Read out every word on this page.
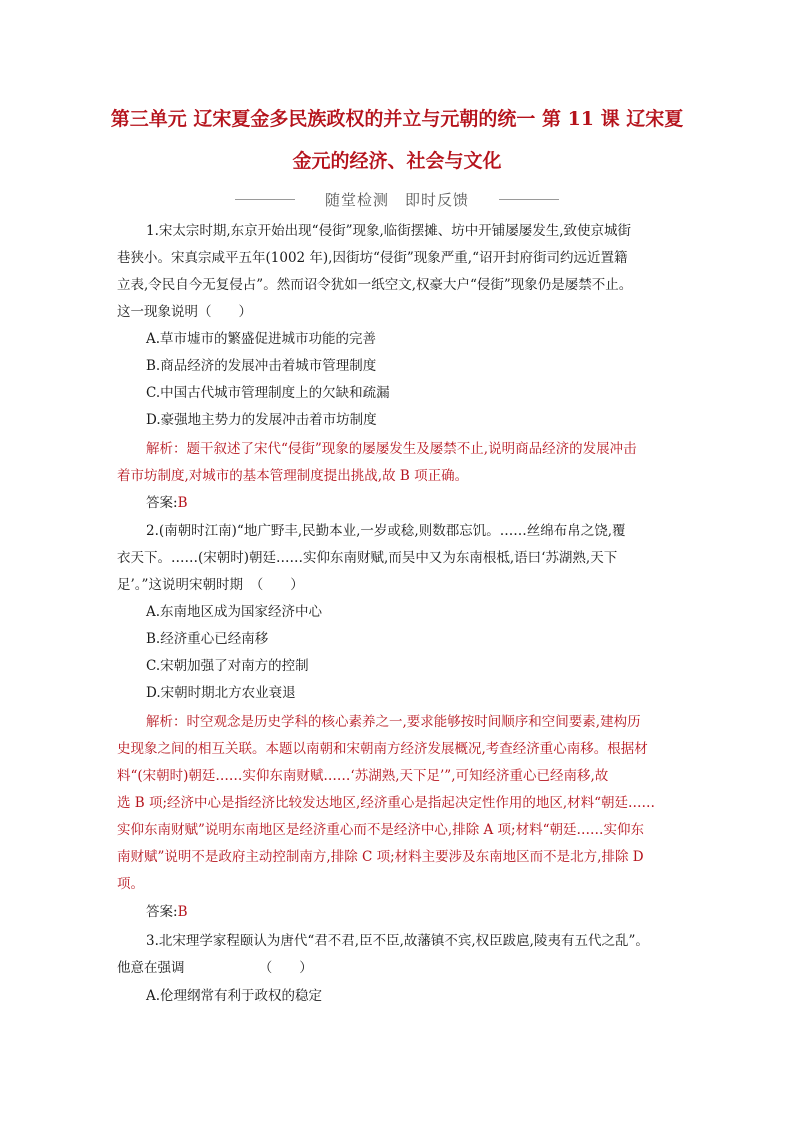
第三单元 辽宋夏金多民族政权的并立与元朝的统一 第 11 课 辽宋夏
金元的经济、社会与文化
随堂检测　即时反馈
1.宋太宗时期,东京开始出现“侵街”现象,临街摆摊、坊中开铺屡屡发生,致使京城街
巷狭小。宋真宗咸平五年(1002 年),因街坊“侵街”现象严重,“诏开封府街司约远近置籍
立表,令民自今无复侵占”。然而诏令犹如一纸空文,权豪大户“侵街”现象仍是屡禁不止。
这一现象说明（　　）
A.草市墟市的繁盛促进城市功能的完善
B.商品经济的发展冲击着城市管理制度
C.中国古代城市管理制度上的欠缺和疏漏
D.豪强地主势力的发展冲击着市坊制度
解析：题干叙述了宋代“侵街”现象的屡屡发生及屡禁不止,说明商品经济的发展冲击
着市坊制度,对城市的基本管理制度提出挑战,故 B 项正确。
答案:B
2.(南朝时江南)“地广野丰,民勤本业,一岁或稔,则数郡忘饥。……丝绵布帛之饶,覆
衣天下。……(宋朝时)朝廷……实仰东南财赋,而吴中又为东南根柢,语曰‘苏湖熟,天下
足’。”这说明宋朝时期　（　　）
A.东南地区成为国家经济中心
B.经济重心已经南移
C.宋朝加强了对南方的控制
D.宋朝时期北方农业衰退
解析：时空观念是历史学科的核心素养之一,要求能够按时间顺序和空间要素,建构历
史现象之间的相互关联。本题以南朝和宋朝南方经济发展概况,考查经济重心南移。根据材
料“(宋朝时)朝廷……实仰东南财赋……‘苏湖熟,天下足’”,可知经济重心已经南移,故
选 B 项;经济中心是指经济比较发达地区,经济重心是指起决定性作用的地区,材料“朝廷……
实仰东南财赋”说明东南地区是经济重心而不是经济中心,排除 A 项;材料“朝廷……实仰东
南财赋”说明不是政府主动控制南方,排除 C 项;材料主要涉及东南地区而不是北方,排除 D
项。
答案:B
3.北宋理学家程颐认为唐代“君不君,臣不臣,故藩镇不宾,权臣跋扈,陵夷有五代之乱”。
他意在强调　　　　　　（　　）
A.伦理纲常有利于政权的稳定
